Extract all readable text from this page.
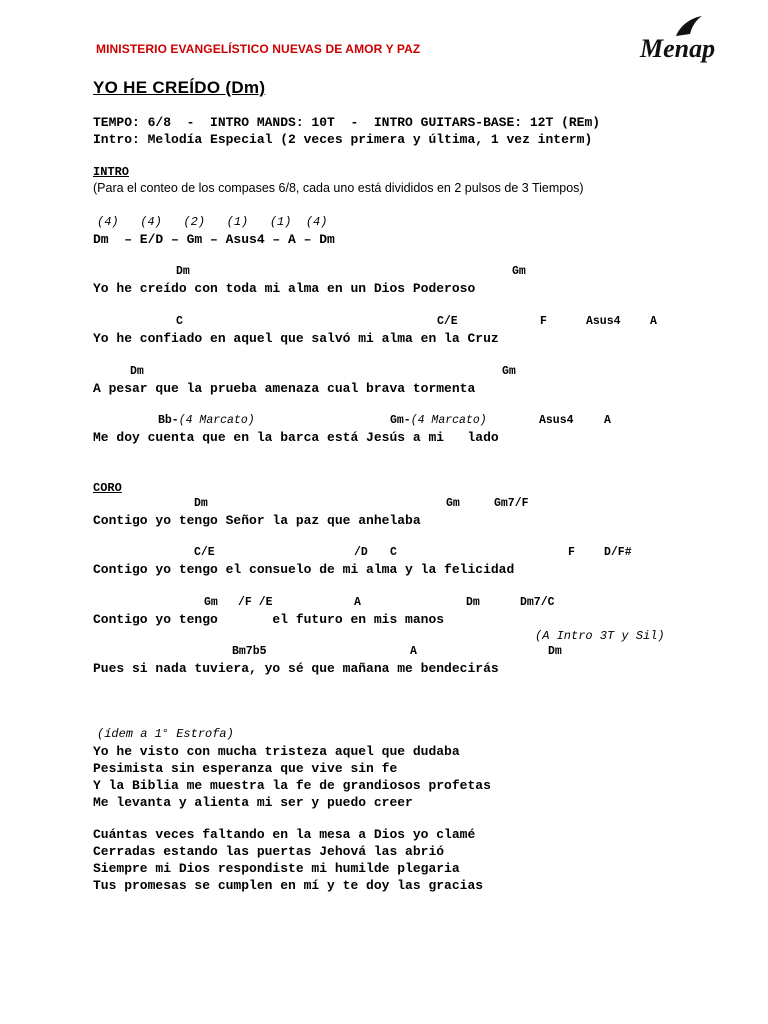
MINISTERIO EVANGELÍSTICO NUEVAS DE AMOR Y PAZ	Menap
YO HE CREÍDO (Dm)
TEMPO: 6/8  -  INTRO MANDS: 10T  -  INTRO GUITARS-BASE: 12T (REm)
Intro: Melodía Especial (2 veces primera y última, 1 vez interm)
INTRO
(Para el conteo de los compases 6/8, cada uno está divididos en 2 pulsos de 3 Tiempos)
(4)   (4)   (2)   (1)   (1)  (4)
Dm  – E/D – Gm – Asus4 – A – Dm
Dm	Gm
Yo he creído con toda mi alma en un Dios Poderoso
C	C/E	F	Asus4	A
Yo he confiado en aquel que salvó mi alma en la Cruz
Dm	Gm
A pesar que la prueba amenaza cual brava tormenta
Bb-(4 Marcato)	Gm-(4 Marcato)	Asus4	A
Me doy cuenta que en la barca está Jesús a mi   lado
CORO
Dm	Gm	Gm7/F
Contigo yo tengo Señor la paz que anhelaba
C/E	/D C	F	D/F#
Contigo yo tengo el consuelo de mi alma y la felicidad
Gm /F /E	A	Dm	Dm7/C
Contigo yo tengo       el futuro en mis manos
(A Intro 3T y Sil)
Bm7b5	A	Dm
Pues si nada tuviera, yo sé que mañana me bendecirás
(ídem a 1° Estrofa)
Yo he visto con mucha tristeza aquel que dudaba
Pesimista sin esperanza que vive sin fe
Y la Biblia me muestra la fe de grandiosos profetas
Me levanta y alienta mi ser y puedo creer
Cuántas veces faltando en la mesa a Dios yo clamé
Cerradas estando las puertas Jehová las abrió
Siempre mi Dios respondiste mi humilde plegaria
Tus promesas se cumplen en mí y te doy las gracias
